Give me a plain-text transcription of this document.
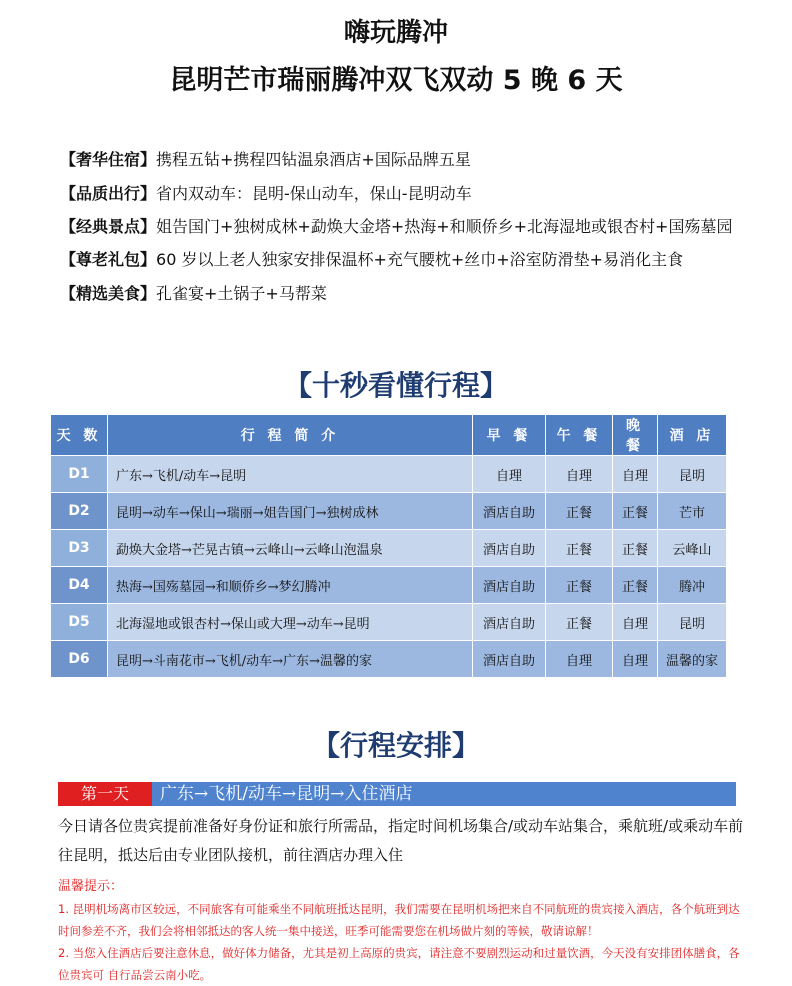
嗨玩腾冲
昆明芒市瑞丽腾冲双飞双动 5 晚 6 天
【奢华住宿】携程五钻+携程四钻温泉酒店+国际品牌五星
【品质出行】省内双动车：昆明-保山动车，保山-昆明动车
【经典景点】姐告国门+独树成林+勐焕大金塔+热海+和顺侨乡+北海湿地或银杏村+国殇墓园
【尊老礼包】60 岁以上老人独家安排保温杯+充气腰枕+丝巾+浴室防滑垫+易消化主食
【精选美食】孔雀宴+土锅子+马帮菜
【十秒看懂行程】
天 数	行 程 简 介	早 餐	午 餐	晚 餐	酒 店
D1	广东→飞机/动车→昆明	自理	自理	自理	昆明
D2	昆明→动车→保山→瑞丽→姐告国门→独树成林	酒店自助	正餐	正餐	芒市
D3	勐焕大金塔→芒晃古镇→云峰山→云峰山泡温泉	酒店自助	正餐	正餐	云峰山
D4	热海→国殇墓园→和顺侨乡→梦幻腾冲	酒店自助	正餐	正餐	腾冲
D5	北海湿地或银杏村→保山或大理→动车→昆明	酒店自助	正餐	自理	昆明
D6	昆明→斗南花市→飞机/动车→广东→温馨的家	酒店自助	自理	自理	温馨的家
【行程安排】
第一天	广东→飞机/动车→昆明→入住酒店
今日请各位贵宾提前准备好身份证和旅行所需品，指定时间机场集合/或动车站集合，乘航班/或乘动车前往昆明，抵达后由专业团队接机，前往酒店办理入住
温馨提示：
1. 昆明机场离市区较远，不同旅客有可能乘坐不同航班抵达昆明，我们需要在昆明机场把来自不同航班的贵宾接入酒店，各个航班到达时间参差不齐，我们会将相邻抵达的客人统一集中接送，旺季可能需要您在机场做片刻的等候，敬请谅解！
2. 当您入住酒店后要注意休息，做好体力储备，尤其是初上高原的贵宾，请注意不要剧烈运动和过量饮酒，今天没有安排团体膳食，各位贵宾可 自行品尝云南小吃。
